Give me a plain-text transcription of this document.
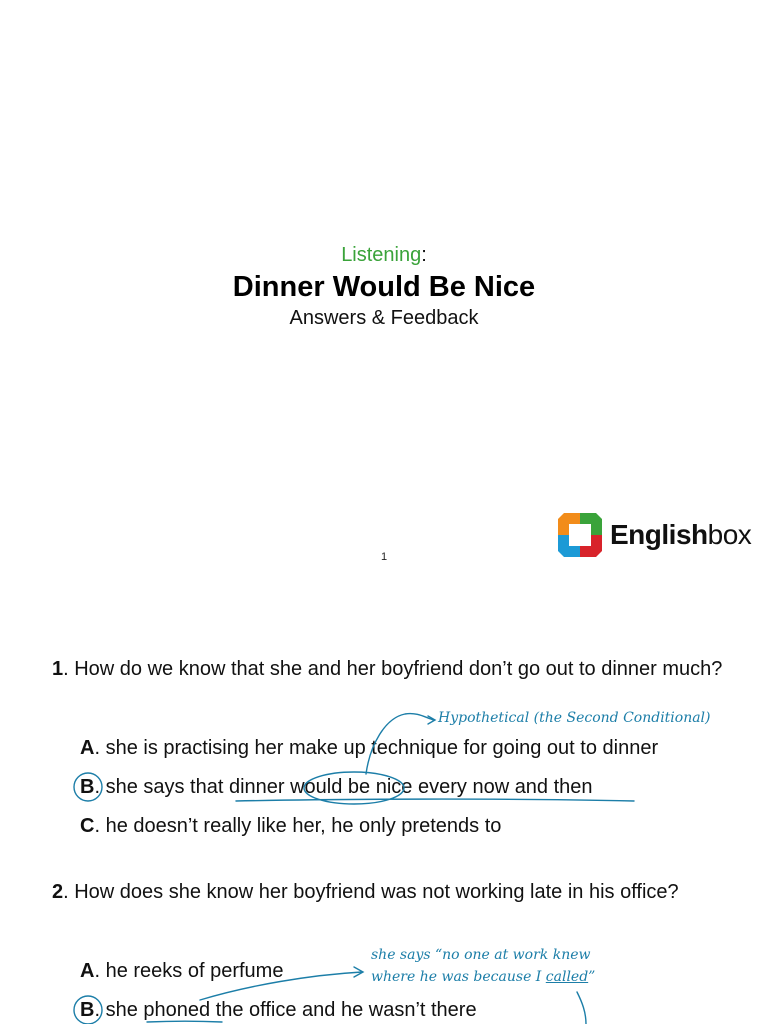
Listening:
Dinner Would Be Nice
Answers & Feedback
Englishbox
1
1. How do we know that she and her boyfriend don’t go out to dinner much?
A. she is practising her make up technique for going out to dinner
B. she says that dinner would be nice every now and then
C. he doesn’t really like her, he only pretends to
Hypothetical (the Second Conditional)
2. How does she know her boyfriend was not working late in his office?
A. he reeks of perfume
B. she phoned the office and he wasn’t there
she says “no one at work knew
where he was because I called”
